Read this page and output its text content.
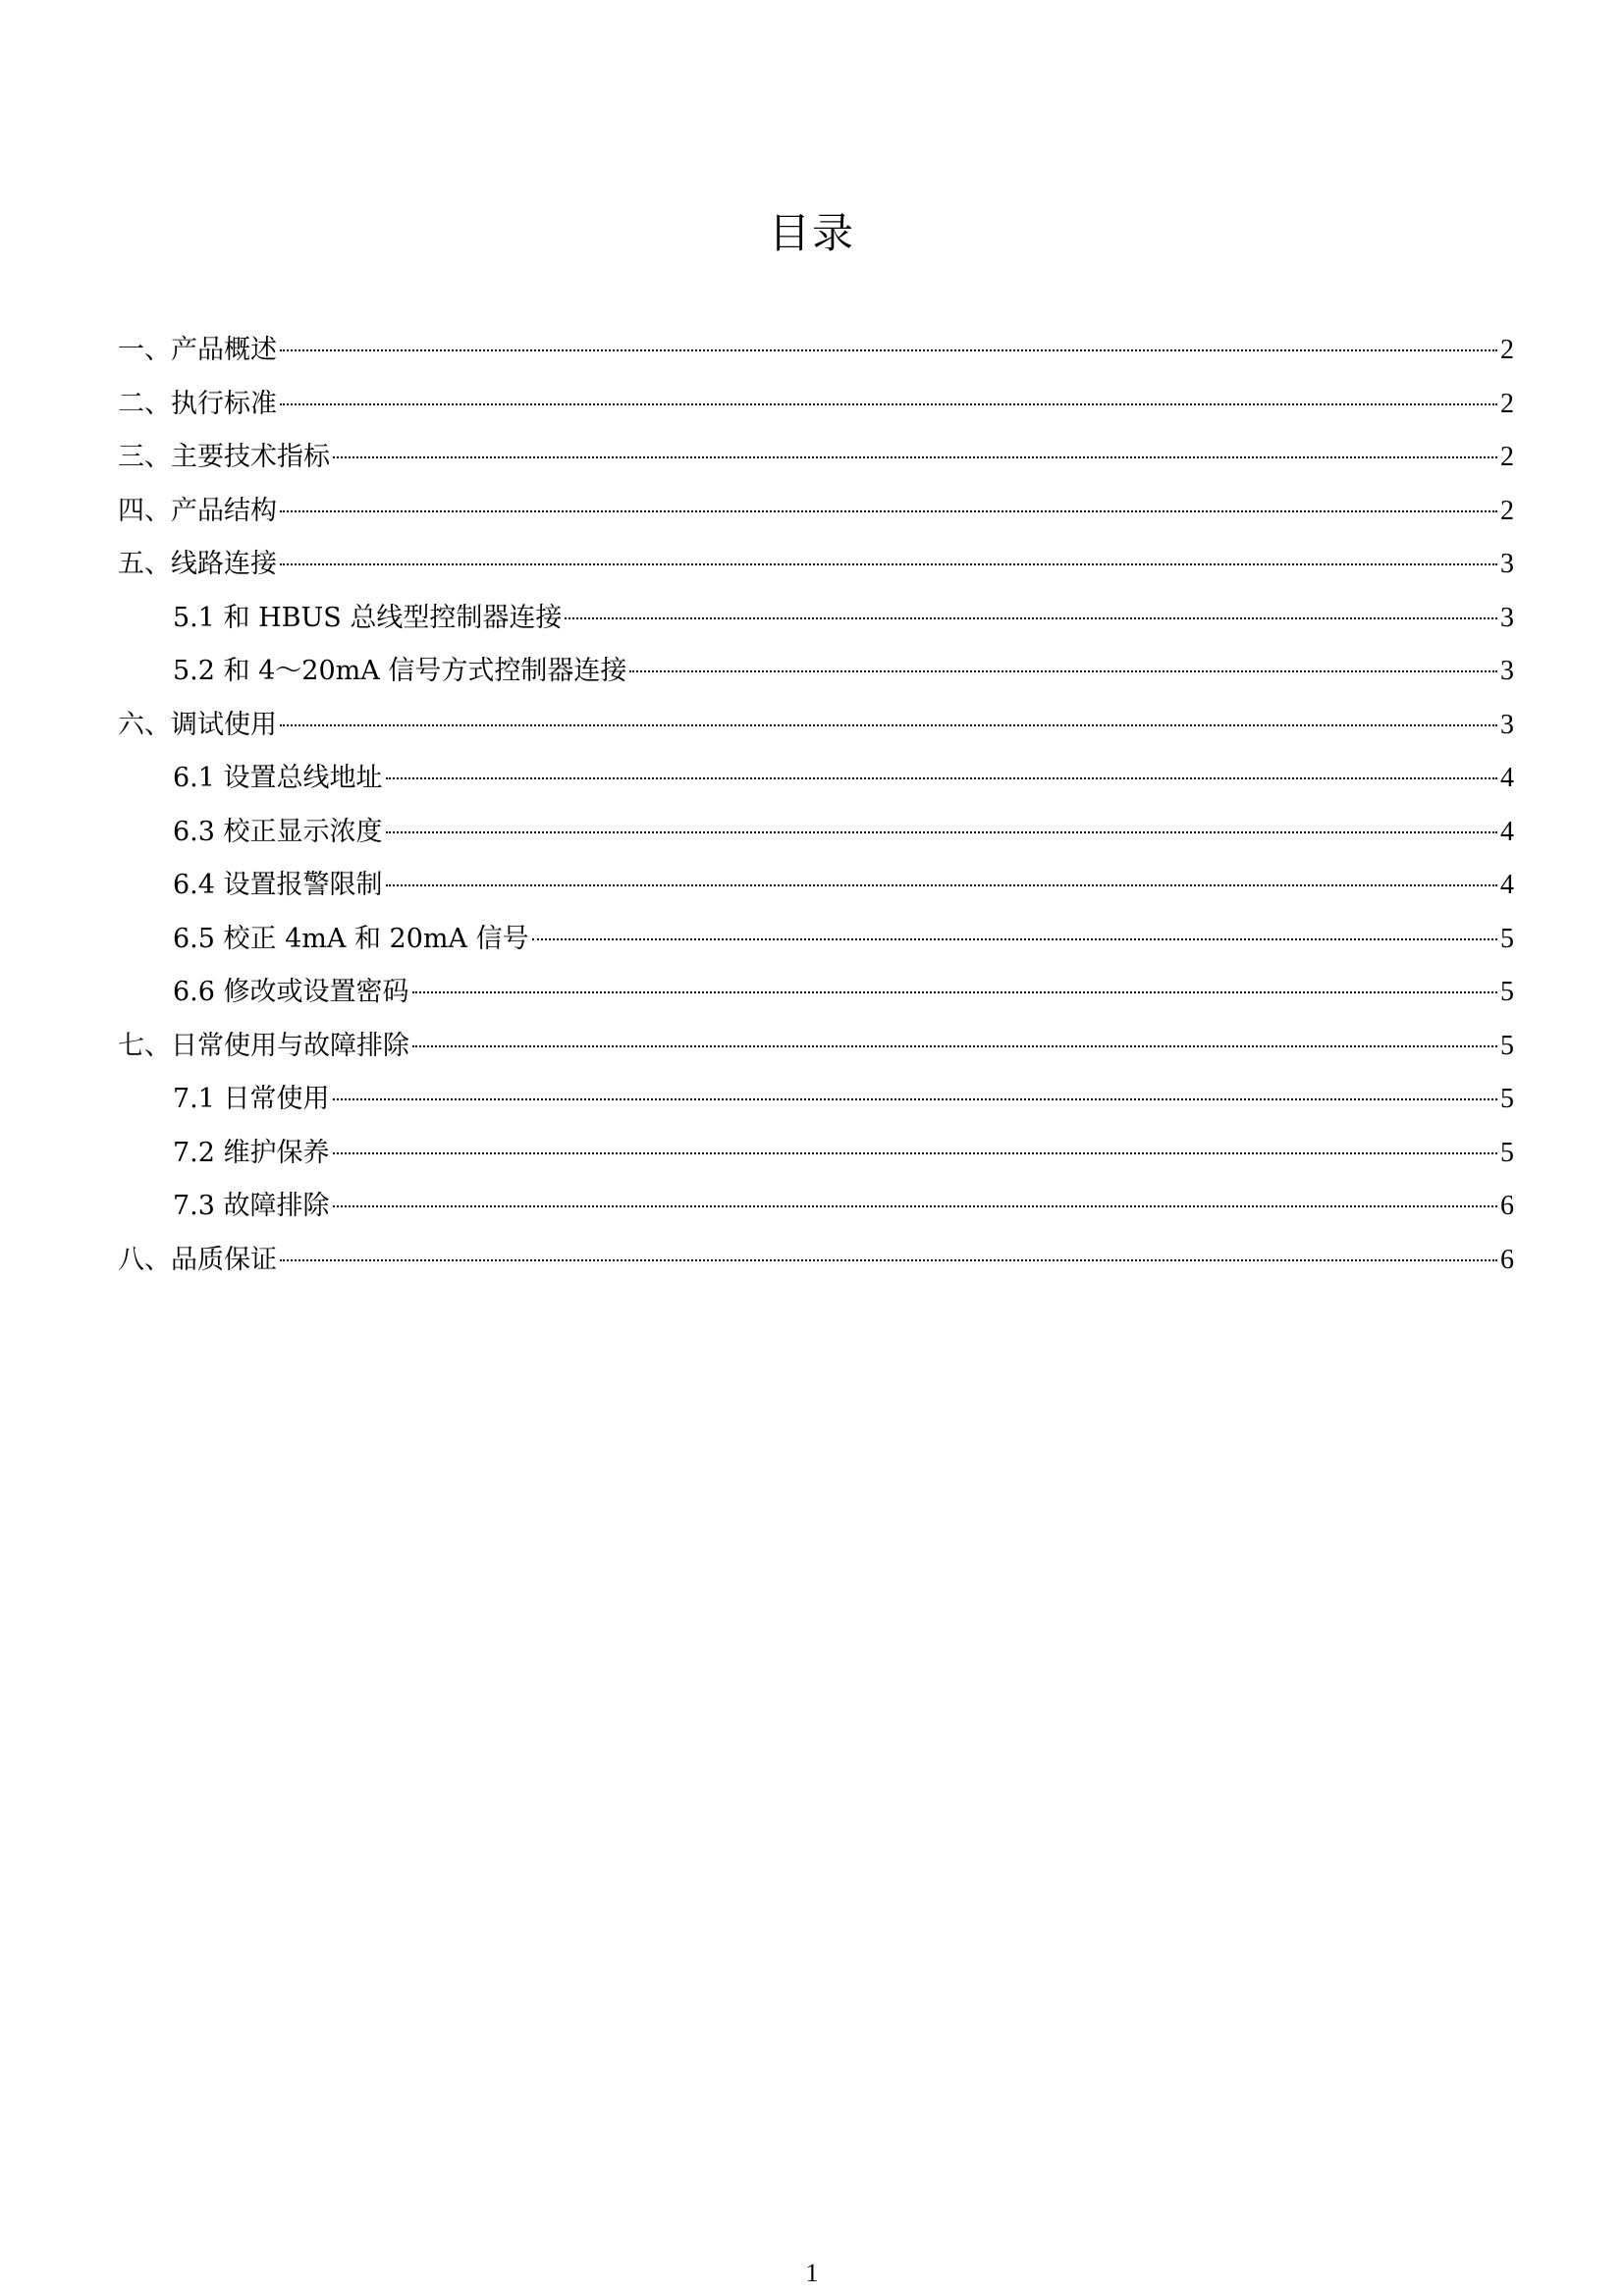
目录
一、产品概述	2
二、执行标准	2
三、主要技术指标	2
四、产品结构	2
五、线路连接	3
5.1 和 HBUS 总线型控制器连接	3
5.2 和 4～20mA 信号方式控制器连接	3
六、调试使用	3
6.1 设置总线地址	4
6.3 校正显示浓度	4
6.4 设置报警限制	4
6.5 校正 4mA 和 20mA 信号	5
6.6 修改或设置密码	5
七、日常使用与故障排除	5
7.1 日常使用	5
7.2 维护保养	5
7.3 故障排除	6
八、品质保证	6
1
